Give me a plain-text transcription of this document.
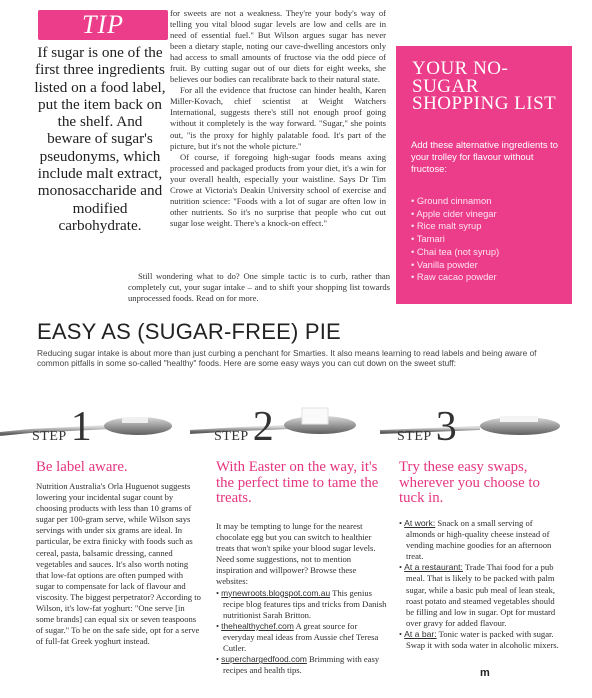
TIP
If sugar is one of the first three ingredients listed on a food label, put the item back on the shelf. And beware of sugar's pseudonyms, which include malt extract, monosaccharide and modified carbohydrate.

for sweets are not a weakness. They're your body's way of telling you vital blood sugar levels are low and cells are in need of essential fuel." But Wilson argues sugar has never been a dietary staple, noting our cave-dwelling ancestors only had access to small amounts of fructose via the odd piece of fruit. By cutting sugar out of our diets for eight weeks, she believes our bodies can recalibrate back to their natural state.

For all the evidence that fructose can hinder health, Karen Miller-Kovach, chief scientist at Weight Watchers International, suggests there's still not enough proof going without it completely is the way forward. "Sugar," she points out, "is the proxy for highly palatable food. It's part of the picture, but it's not the whole picture."

Of course, if foregoing high-sugar foods means axing processed and packaged products from your diet, it's a win for your overall health, especially your waistline. Says Dr Tim Crowe at Victoria's Deakin University school of exercise and nutrition science: "Foods with a lot of sugar are often low in other nutrients. So it's no surprise that people who cut out sugar lose weight. There's a knock-on effect."

Still wondering what to do? One simple tactic is to curb, rather than completely cut, your sugar intake – and to shift your shopping list towards unprocessed foods. Read on for more.

YOUR NO-SUGAR SHOPPING LIST
Add these alternative ingredients to your trolley for flavour without fructose:
• Ground cinnamon
• Apple cider vinegar
• Rice malt syrup
• Tamari
• Chai tea (not syrup)
• Vanilla powder
• Raw cacao powder
EASY AS (SUGAR-FREE) PIE
Reducing sugar intake is about more than just curbing a penchant for Smarties. It also means learning to read labels and being aware of common pitfalls in some so-called "healthy" foods. Here are some easy ways you can cut down on the sweet stuff:
STEP 1	STEP 2	STEP 3
Be label aware.

Nutrition Australia's Orla Huguenot suggests lowering your incidental sugar count by choosing products with less than 10 grams of sugar per 100-gram serve, while Wilson says servings with under six grams are ideal. In particular, be extra finicky with foods such as cereal, pasta, balsamic dressing, canned vegetables and sauces. It's also worth noting that low-fat options are often pumped with sugar to compensate for lack of flavour and viscosity. The biggest perpetrator? According to Wilson, it's low-fat yoghurt: "One serve [in some brands] can equal six or seven teaspoons of sugar." To be on the safe side, opt for a serve of full-fat Greek yoghurt instead.

With Easter on the way, it's the perfect time to tame the treats.

It may be tempting to lunge for the nearest chocolate egg but you can switch to healthier treats that won't spike your blood sugar levels. Need some suggestions, not to mention inspiration and willpower? Browse these websites:

• mynewroots.blogspot.com.au This genius recipe blog features tips and tricks from Danish nutritionist Sarah Britton.
• thehealthychef.com A great source for everyday meal ideas from Aussie chef Teresa Cutler.
• superchargedfood.com Brimming with easy recipes and health tips.
Try these easy swaps, wherever you choose to tuck in.
• At work: Snack on a small serving of almonds or high-quality cheese instead of vending machine goodies for an afternoon treat.
• At a restaurant: Trade Thai food for a pub meal. That is likely to be packed with palm sugar, while a basic pub meal of lean steak, roast potato and steamed vegetables should be filling and low in sugar. Opt for mustard over gravy for added flavour.
• At a bar: Tonic water is packed with sugar. Swap it with soda water in alcoholic mixers.
m
